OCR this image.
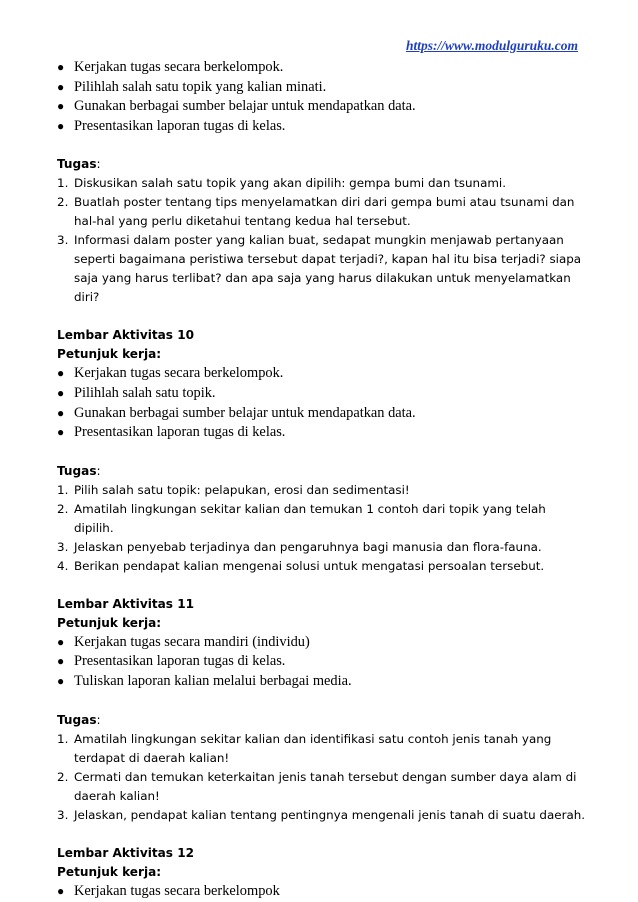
https://www.modulguruku.com

● Kerjakan tugas secara berkelompok.

● Pilihlah salah satu topik yang kalian minati.

● Gunakan berbagai sumber belajar untuk mendapatkan data.

● Presentasikan laporan tugas di kelas.

Tugas:

1. Diskusikan salah satu topik yang akan dipilih: gempa bumi dan tsunami.

2. Buatlah poster tentang tips menyelamatkan diri dari gempa bumi atau tsunami dan hal-hal yang perlu diketahui tentang kedua hal tersebut.

3. Informasi dalam poster yang kalian buat, sedapat mungkin menjawab pertanyaan seperti bagaimana peristiwa tersebut dapat terjadi?, kapan hal itu bisa terjadi? siapa saja yang harus terlibat? dan apa saja yang harus dilakukan untuk menyelamatkan diri?

Lembar Aktivitas 10

Petunjuk kerja:

● Kerjakan tugas secara berkelompok.

● Pilihlah salah satu topik.

● Gunakan berbagai sumber belajar untuk mendapatkan data.

● Presentasikan laporan tugas di kelas.

Tugas:

1. Pilih salah satu topik: pelapukan, erosi dan sedimentasi!

2. Amatilah lingkungan sekitar kalian dan temukan 1 contoh dari topik yang telah dipilih.

3. Jelaskan penyebab terjadinya dan pengaruhnya bagi manusia dan flora-fauna.

4. Berikan pendapat kalian mengenai solusi untuk mengatasi persoalan tersebut.

Lembar Aktivitas 11

Petunjuk kerja:

● Kerjakan tugas secara mandiri (individu)

● Presentasikan laporan tugas di kelas.

● Tuliskan laporan kalian melalui berbagai media.

Tugas:

1. Amatilah lingkungan sekitar kalian dan identifikasi satu contoh jenis tanah yang terdapat di daerah kalian!

2. Cermati dan temukan keterkaitan jenis tanah tersebut dengan sumber daya alam di daerah kalian!

3. Jelaskan, pendapat kalian tentang pentingnya mengenali jenis tanah di suatu daerah.

Lembar Aktivitas 12

Petunjuk kerja:

● Kerjakan tugas secara berkelompok
